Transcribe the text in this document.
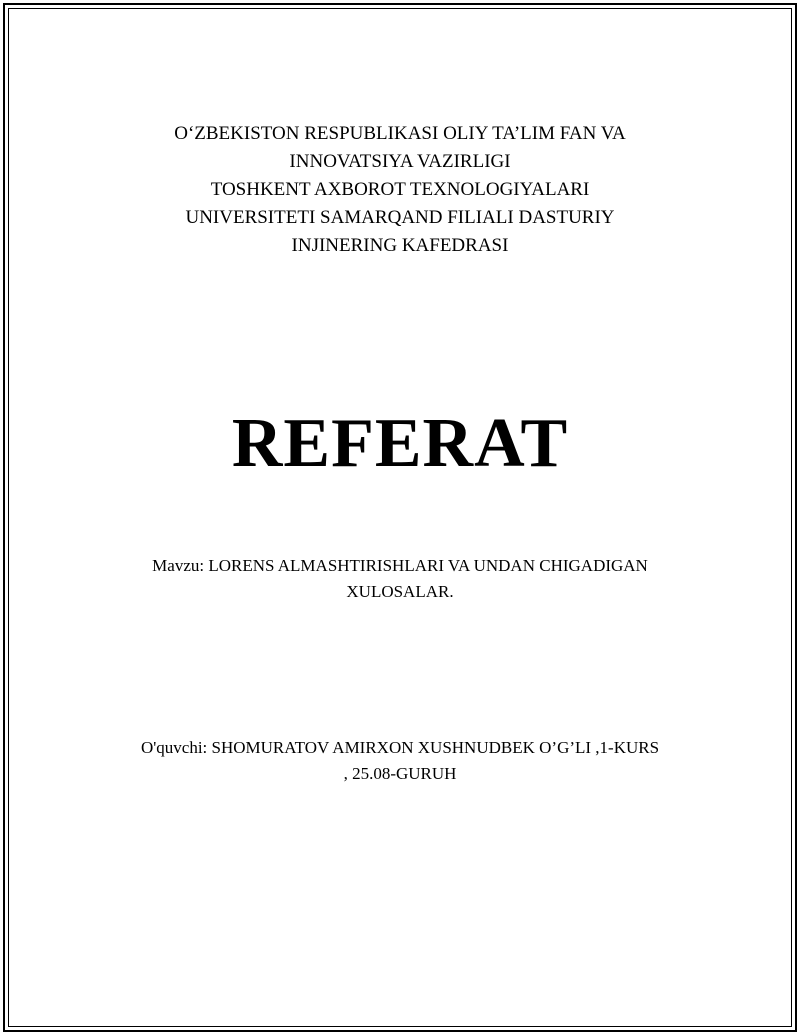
O‘ZBEKISTON RESPUBLIKASI OLIY TA’LIM FAN VA
INNOVATSIYA VAZIRLIGI
TOSHKENT AXBOROT TEXNOLOGIYALARI
UNIVERSITETI SAMARQAND FILIALI DASTURIY
INJINERING KAFEDRASI
REFERAT
Mavzu: LORENS ALMASHTIRISHLARI VA UNDAN CHIGADIGAN
XULOSALAR.
O'quvchi: SHOMURATOV AMIRXON XUSHNUDBEK O’G’LI ,1-KURS
, 25.08-GURUH
